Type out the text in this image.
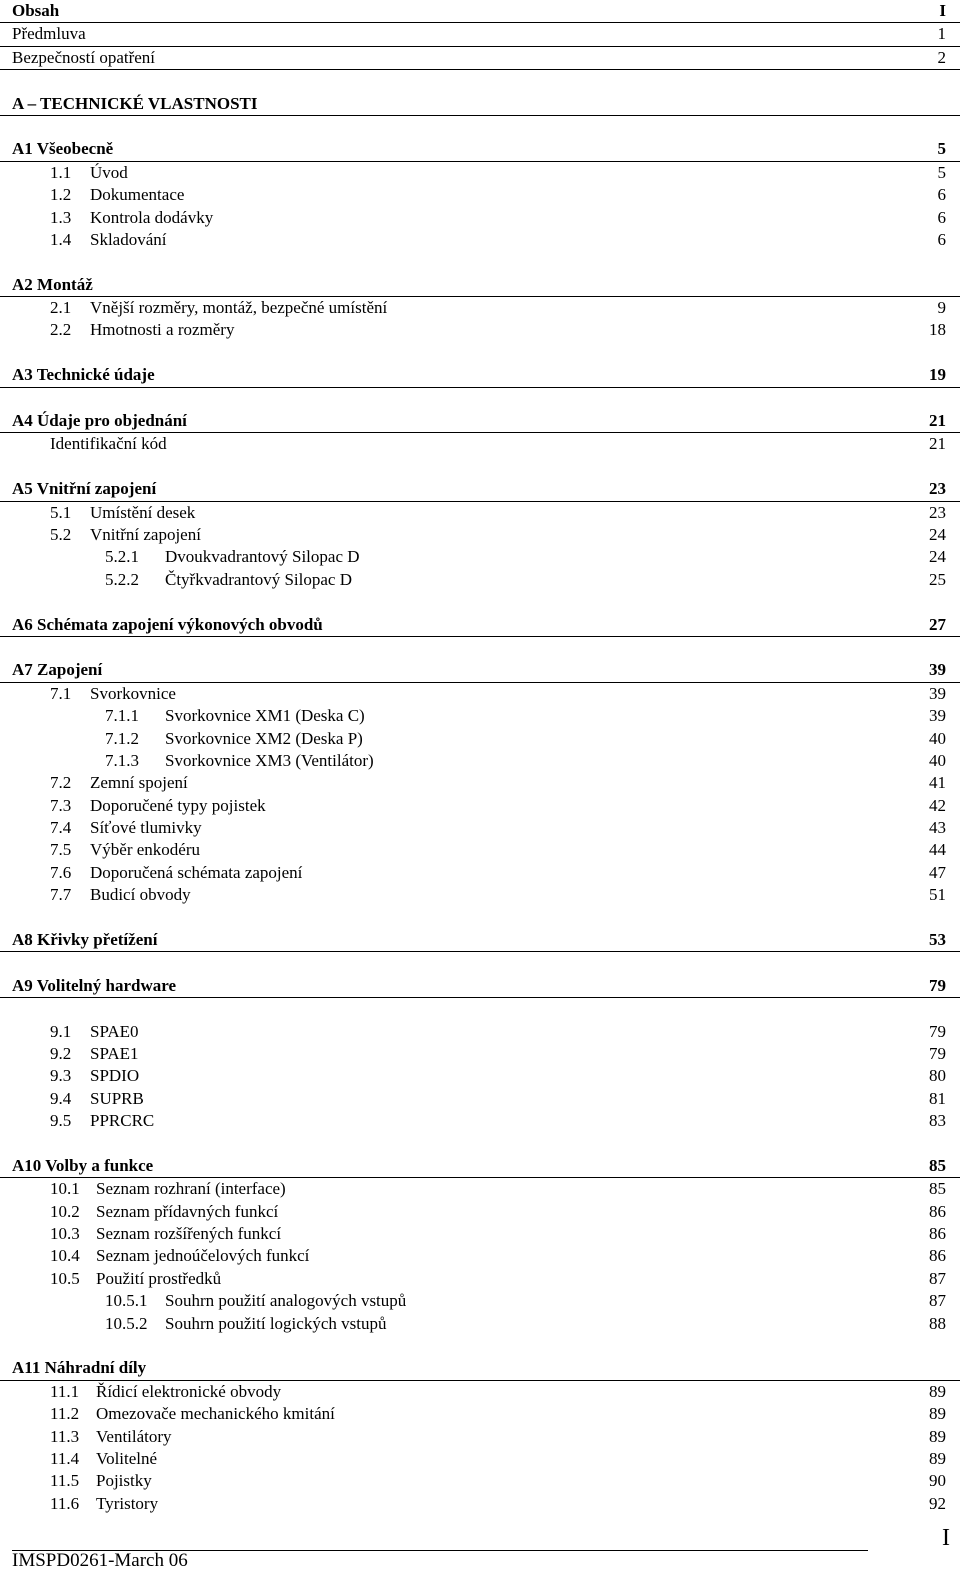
Obsah	I
Předmluva	1
Bezpečností opatření	2
A – TECHNICKÉ VLASTNOSTI
A1 Všeobecně	5
1.1 Úvod	5
1.2 Dokumentace	6
1.3 Kontrola dodávky	6
1.4 Skladování	6
A2 Montáž
2.1 Vnější rozměry, montáž, bezpečné umístění	9
2.2 Hmotnosti a rozměry	18
A3 Technické údaje	19
A4 Údaje pro objednání	21
Identifikační kód	21
A5 Vnitřní zapojení	23
5.1 Umístění desek	23
5.2 Vnitřní zapojení	24
5.2.1 Dvoukvadrantový Silopac D	24
5.2.2 Čtyřkvadrantový Silopac D	25
A6 Schémata zapojení výkonových obvodů	27
A7 Zapojení	39
7.1 Svorkovnice	39
7.1.1 Svorkovnice XM1 (Deska C)	39
7.1.2 Svorkovnice XM2 (Deska P)	40
7.1.3 Svorkovnice XM3 (Ventilátor)	40
7.2 Zemní spojení	41
7.3 Doporučené typy pojistek	42
7.4 Síťové tlumivky	43
7.5 Výběr enkodéru	44
7.6 Doporučená schémata zapojení	47
7.7 Budicí obvody	51
A8 Křivky přetížení	53
A9 Volitelný hardware	79
9.1 SPAE0	79
9.2 SPAE1	79
9.3 SPDIO	80
9.4 SUPRB	81
9.5 PPRCRC	83
A10 Volby a funkce	85
10.1 Seznam rozhraní (interface)	85
10.2 Seznam přídavných funkcí	86
10.3 Seznam rozšířených funkcí	86
10.4 Seznam jednoúčelových funkcí	86
10.5 Použití prostředků	87
10.5.1 Souhrn použití analogových vstupů	87
10.5.2 Souhrn použití logických vstupů	88
A11 Náhradní díly
11.1 Řídicí elektronické obvody	89
11.2 Omezovače mechanického kmitání	89
11.3 Ventilátory	89
11.4 Volitelné	89
11.5 Pojistky	90
11.6 Tyristory	92
IMSPD0261-March 06
I
